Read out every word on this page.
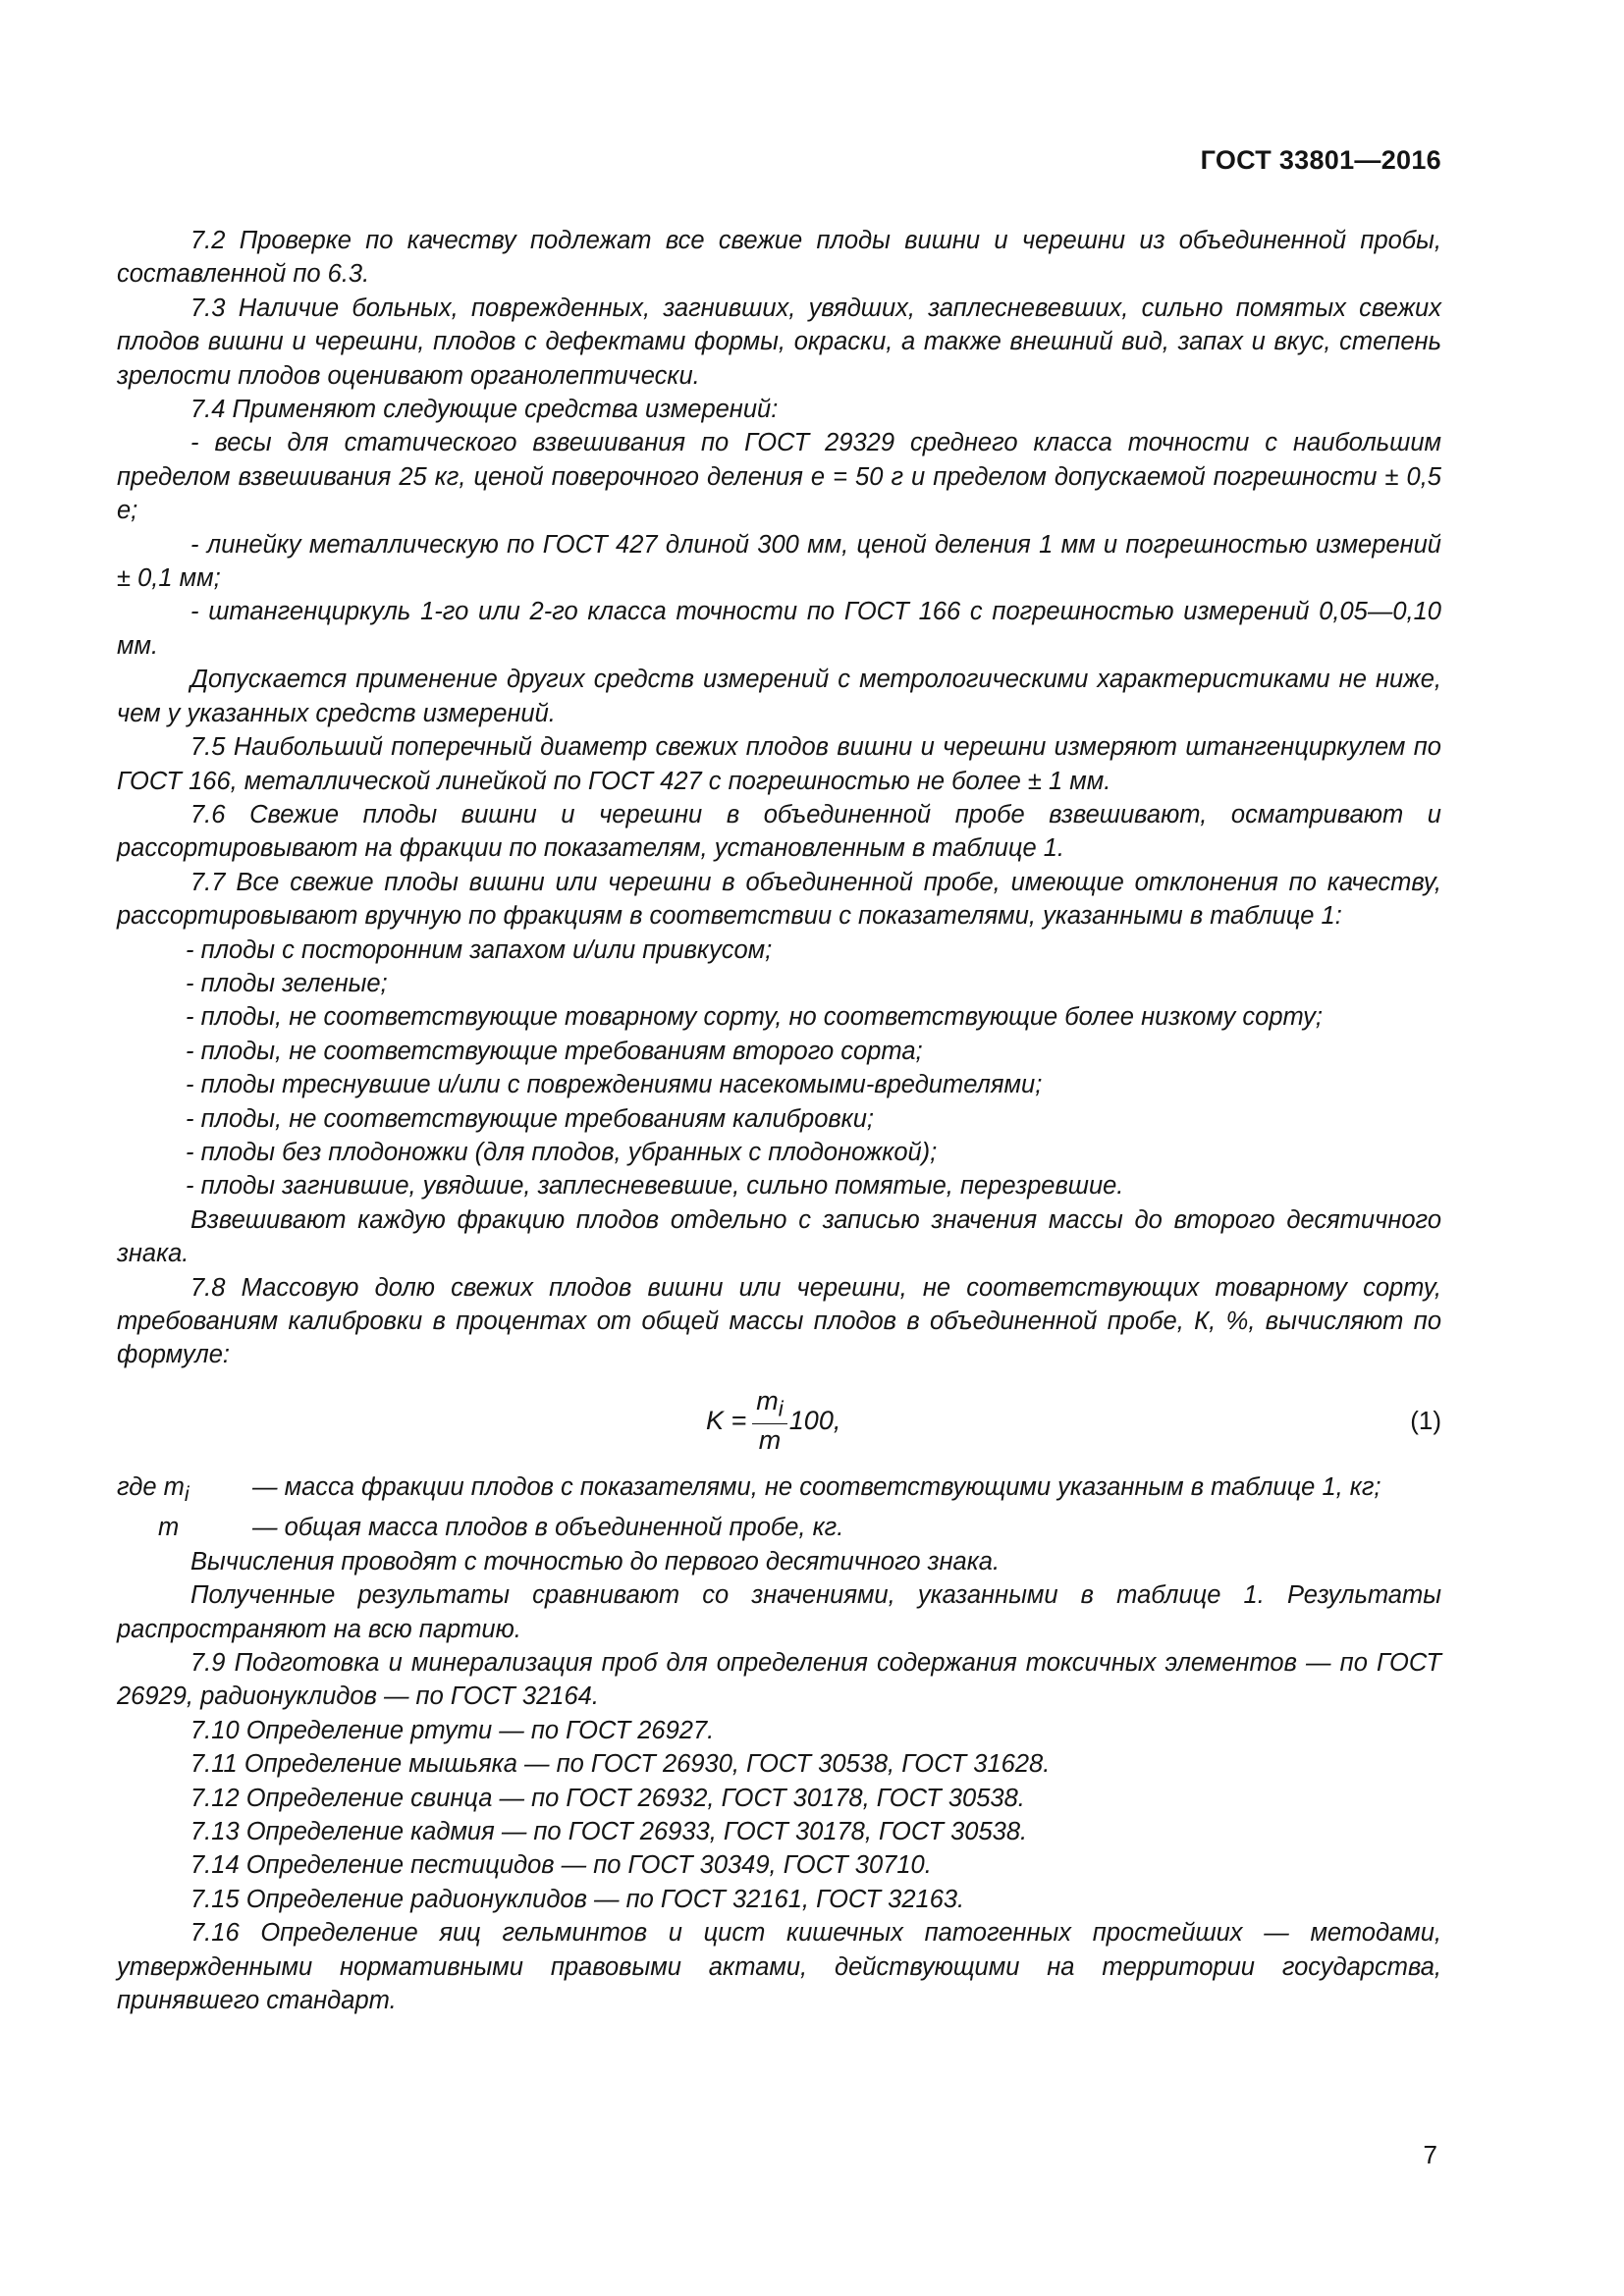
ГОСТ 33801—2016

7.2 Проверке по качеству подлежат все свежие плоды вишни и черешни из объединенной пробы, составленной по 6.3.

7.3 Наличие больных, поврежденных, загнивших, увядших, заплесневевших, сильно помятых свежих плодов вишни и черешни, плодов с дефектами формы, окраски, а также внешний вид, запах и вкус, степень зрелости плодов оценивают органолептически.

7.4 Применяют следующие средства измерений:

- весы для статического взвешивания по ГОСТ 29329 среднего класса точности с наибольшим пределом взвешивания 25 кг, ценой поверочного деления е = 50 г и пределом допускаемой погрешности ± 0,5 е;

- линейку металлическую по ГОСТ 427 длиной 300 мм, ценой деления 1 мм и погрешностью измерений ± 0,1 мм;

- штангенциркуль 1-го или 2-го класса точности по ГОСТ 166 с погрешностью измерений 0,05—0,10 мм.

Допускается применение других средств измерений с метрологическими характеристиками не ниже, чем у указанных средств измерений.

7.5 Наибольший поперечный диаметр свежих плодов вишни и черешни измеряют штангенциркулем по ГОСТ 166, металлической линейкой по ГОСТ 427 с погрешностью не более ± 1 мм.

7.6 Свежие плоды вишни и черешни в объединенной пробе взвешивают, осматривают и рассортировывают на фракции по показателям, установленным в таблице 1.

7.7 Все свежие плоды вишни или черешни в объединенной пробе, имеющие отклонения по качеству, рассортировывают вручную по фракциям в соответствии с показателями, указанными в таблице 1:

- плоды с посторонним запахом и/или привкусом;

- плоды зеленые;

- плоды, не соответствующие товарному сорту, но соответствующие более низкому сорту;

- плоды, не соответствующие требованиям второго сорта;

- плоды треснувшие и/или с повреждениями насекомыми-вредителями;

- плоды, не соответствующие требованиям калибровки;

- плоды без плодоножки (для плодов, убранных с плодоножкой);

- плоды загнившие, увядшие, заплесневевшие, сильно помятые, перезревшие.

Взвешивают каждую фракцию плодов отдельно с записью значения массы до второго десятичного знака.

7.8 Массовую долю свежих плодов вишни или черешни, не соответствующих товарному сорту, требованиям калибровки в процентах от общей массы плодов в объединенной пробе, К, %, вычисляют по формуле:

$K = \frac{m_i}{m} 100$,	(1)
где $m_i$	— масса фракции плодов с показателями, не соответствующими указанным в таблице 1, кг;
m	— общая масса плодов в объединенной пробе, кг.

Вычисления проводят с точностью до первого десятичного знака.

Полученные результаты сравнивают со значениями, указанными в таблице 1. Результаты распространяют на всю партию.

7.9 Подготовка и минерализация проб для определения содержания токсичных элементов — по ГОСТ 26929, радионуклидов — по ГОСТ 32164.

7.10 Определение ртути — по ГОСТ 26927.

7.11 Определение мышьяка — по ГОСТ 26930, ГОСТ 30538, ГОСТ 31628.

7.12 Определение свинца — по ГОСТ 26932, ГОСТ 30178, ГОСТ 30538.

7.13 Определение кадмия — по ГОСТ 26933, ГОСТ 30178, ГОСТ 30538.

7.14 Определение пестицидов — по ГОСТ 30349, ГОСТ 30710.

7.15 Определение радионуклидов — по ГОСТ 32161, ГОСТ 32163.

7.16 Определение яиц гельминтов и цист кишечных патогенных простейших — методами, утвержденными нормативными правовыми актами, действующими на территории государства, принявшего стандарт.

7
